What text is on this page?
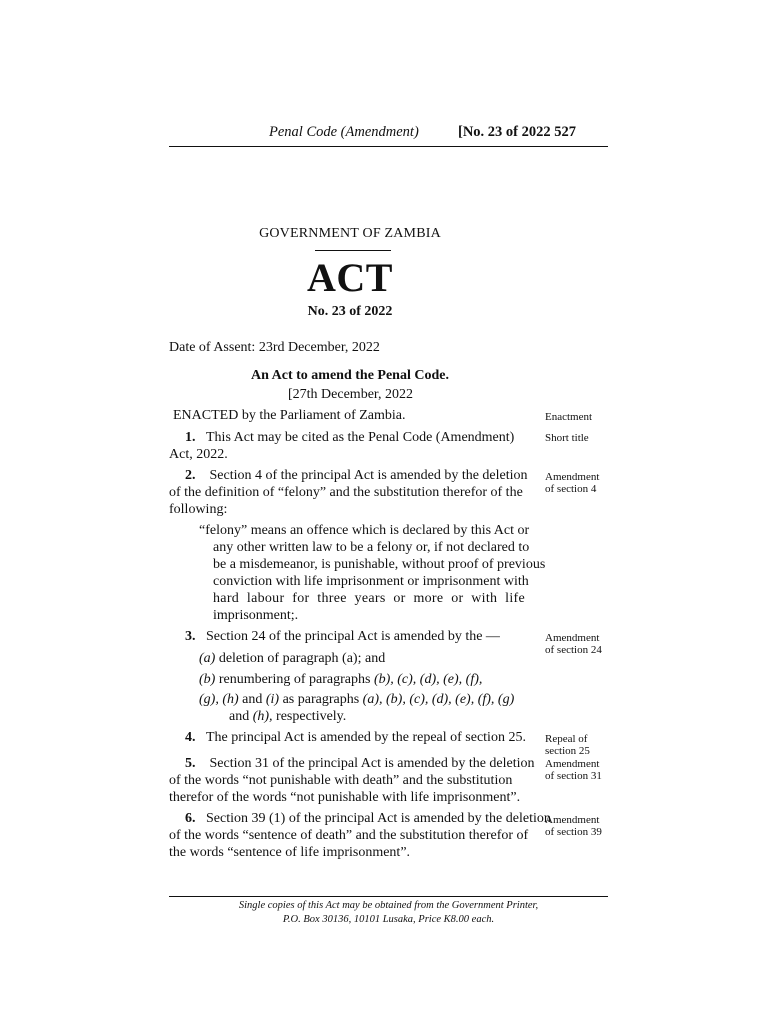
Penal Code (Amendment)	[No. 23 of 2022 527
GOVERNMENT OF ZAMBIA
ACT
No. 23 of 2022
Date of Assent: 23rd December, 2022
An Act to amend the Penal Code.
[27th December, 2022
ENACTED by the Parliament of Zambia.	Enactment
1. This Act may be cited as the Penal Code (Amendment)
Act, 2022.
Short title
2. Section 4 of the principal Act is amended by the deletion
of the definition of “felony” and the substitution therefor of the
following:
Amendment
of section 4
“felony” means an offence which is declared by this Act or
any other written law to be a felony or, if not declared to
be a misdemeanor, is punishable, without proof of previous
conviction with life imprisonment or imprisonment with
hard labour for three years or more or with life
imprisonment;.
3. Section 24 of the principal Act is amended by the —	Amendment
of section 24
(a) deletion of paragraph (a); and
(b) renumbering of paragraphs (b), (c), (d), (e), (f),
(g), (h) and (i) as paragraphs (a), (b), (c), (d), (e), (f), (g)
and (h), respectively.
4. The principal Act is amended by the repeal of section 25. Repeal of
section 25
5. Section 31 of the principal Act is amended by the deletion
of the words “not punishable with death” and the substitution
therefor of the words “not punishable with life imprisonment”.
Amendment
of section 31
6. Section 39 (1) of the principal Act is amended by the deletion
of the words “sentence of death” and the substitution therefor of
the words “sentence of life imprisonment”.
Amendment
of section 39
Single copies of this Act may be obtained from the Government Printer,
P.O. Box 30136, 10101 Lusaka, Price K8.00 each.
